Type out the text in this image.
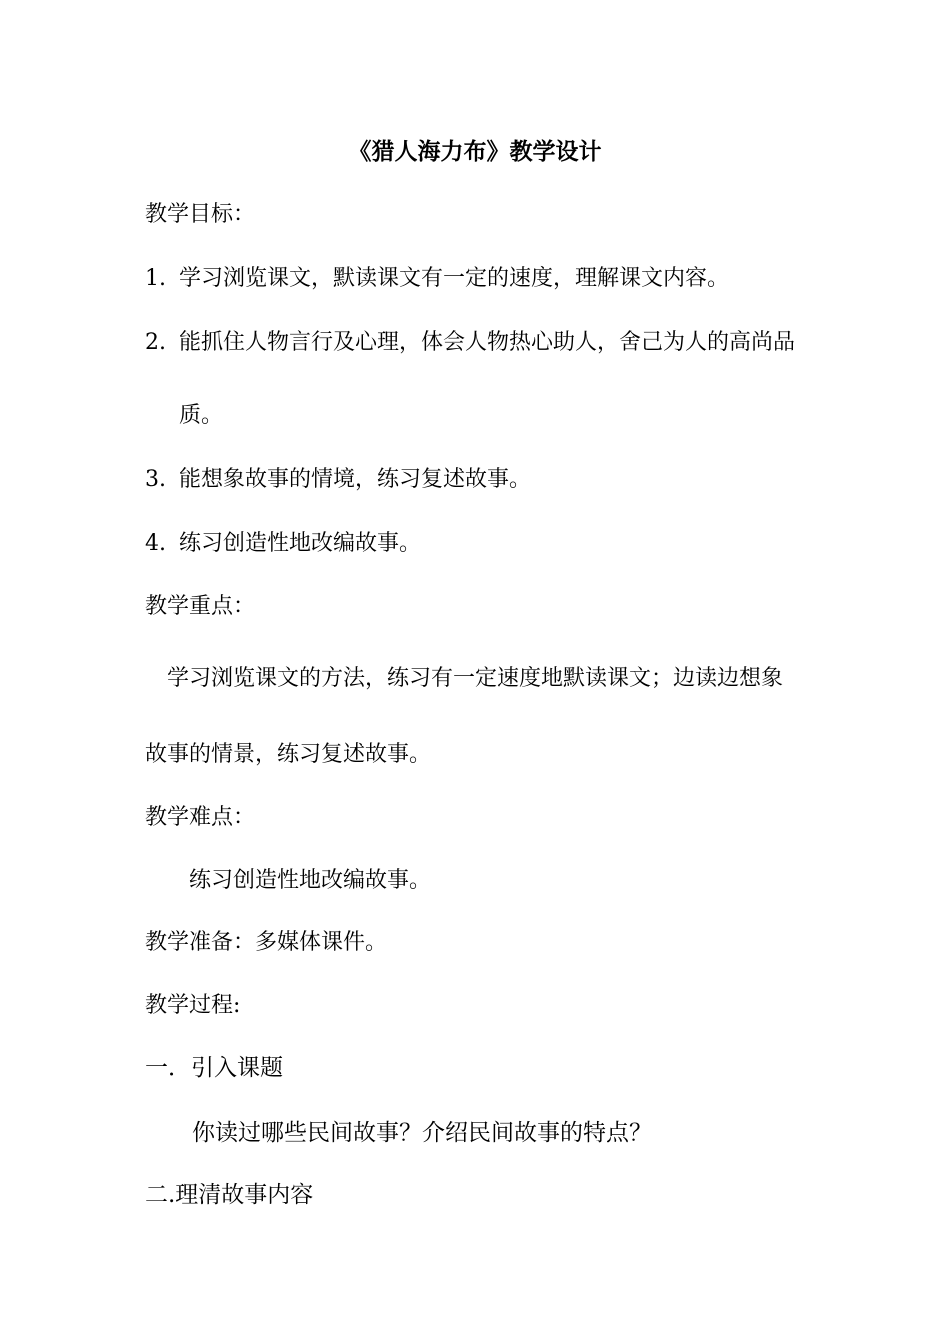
《猎人海力布》教学设计
教学目标：
1. 学习浏览课文，默读课文有一定的速度，理解课文内容。
2. 能抓住人物言行及心理，体会人物热心助人，舍己为人的高尚品
质。
3. 能想象故事的情境，练习复述故事。
4. 练习创造性地改编故事。
教学重点：
学习浏览课文的方法，练习有一定速度地默读课文；边读边想象
故事的情景，练习复述故事。
教学难点：
练习创造性地改编故事。
教学准备：多媒体课件。
教学过程:
一．引入课题
你读过哪些民间故事？介绍民间故事的特点？
二.理清故事内容
